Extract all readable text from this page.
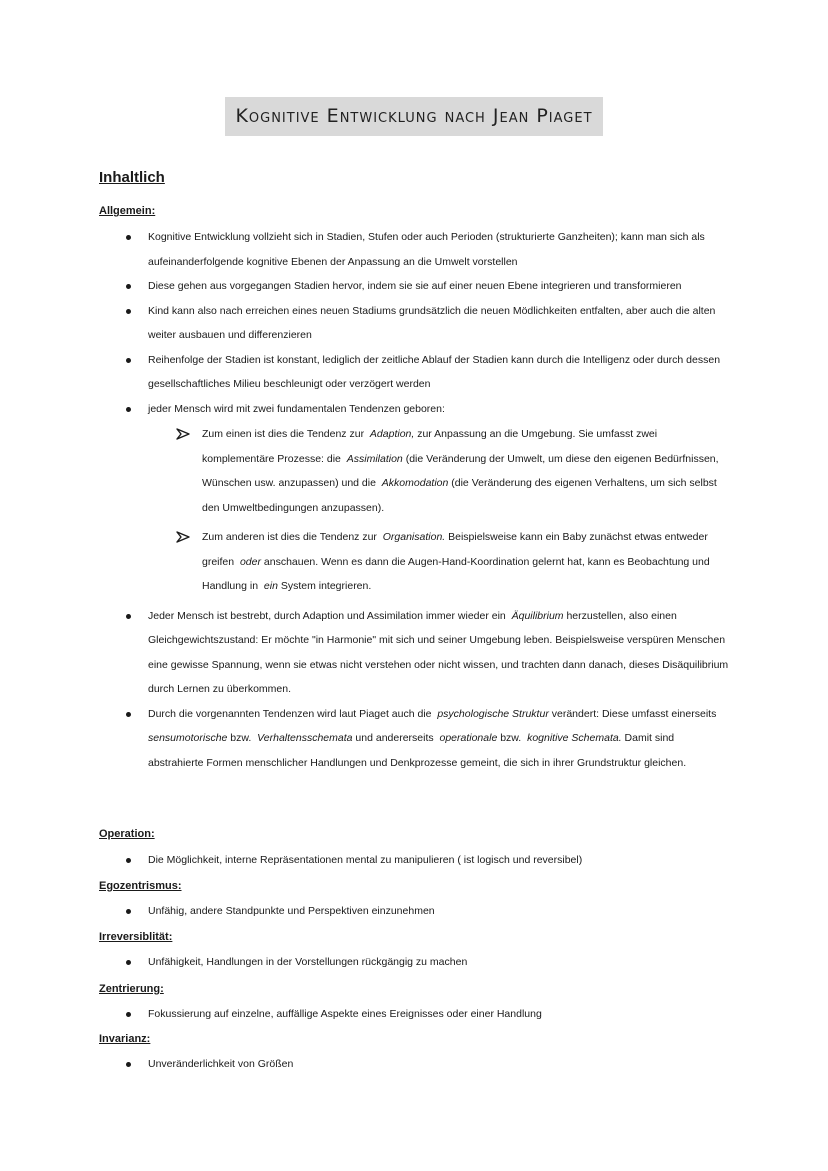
Kognitive Entwicklung nach Jean Piaget
Inhaltlich
Allgemein:
Kognitive Entwicklung vollzieht sich in Stadien, Stufen oder auch Perioden (strukturierte Ganzheiten); kann man sich als aufeinanderfolgende kognitive Ebenen der Anpassung an die Umwelt vorstellen
Diese gehen aus vorgegangen Stadien hervor, indem sie sie auf einer neuen Ebene integrieren und transformieren
Kind kann also nach erreichen eines neuen Stadiums grundsätzlich die neuen Mödlichkeiten entfalten, aber auch die alten weiter ausbauen und differenzieren
Reihenfolge der Stadien ist konstant, lediglich der zeitliche Ablauf der Stadien kann durch die Intelligenz oder durch dessen gesellschaftliches Milieu beschleunigt oder verzögert werden
jeder Mensch wird mit zwei fundamentalen Tendenzen geboren:
Zum einen ist dies die Tendenz zur Adaption, zur Anpassung an die Umgebung. Sie umfasst zwei komplementäre Prozesse: die Assimilation (die Veränderung der Umwelt, um diese den eigenen Bedürfnissen, Wünschen usw. anzupassen) und die Akkomodation (die Veränderung des eigenen Verhaltens, um sich selbst den Umweltbedingungen anzupassen).
Zum anderen ist dies die Tendenz zur Organisation. Beispielsweise kann ein Baby zunächst etwas entweder greifen oder anschauen. Wenn es dann die Augen-Hand-Koordination gelernt hat, kann es Beobachtung und Handlung in ein System integrieren.
Jeder Mensch ist bestrebt, durch Adaption und Assimilation immer wieder ein Äquilibrium herzustellen, also einen Gleichgewichtszustand: Er möchte "in Harmonie" mit sich und seiner Umgebung leben. Beispielsweise verspüren Menschen eine gewisse Spannung, wenn sie etwas nicht verstehen oder nicht wissen, und trachten dann danach, dieses Disäquilibrium durch Lernen zu überkommen.
Durch die vorgenannten Tendenzen wird laut Piaget auch die psychologische Struktur verändert: Diese umfasst einerseits  sensumotorische bzw. Verhaltensschemata und andererseits operationale bzw. kognitive Schemata. Damit sind abstrahierte Formen menschlicher Handlungen und Denkprozesse gemeint, die sich in ihrer Grundstruktur gleichen.
Operation:
Die Möglichkeit, interne Repräsentationen mental zu manipulieren ( ist logisch und reversibel)
Egozentrismus:
Unfähig, andere Standpunkte und Perspektiven einzunehmen
Irreversiblität:
Unfähigkeit, Handlungen in der Vorstellungen rückgängig zu machen
Zentrierung:
Fokussierung auf einzelne, auffällige Aspekte eines Ereignisses oder einer Handlung
Invarianz:
Unveränderlichkeit von Größen
